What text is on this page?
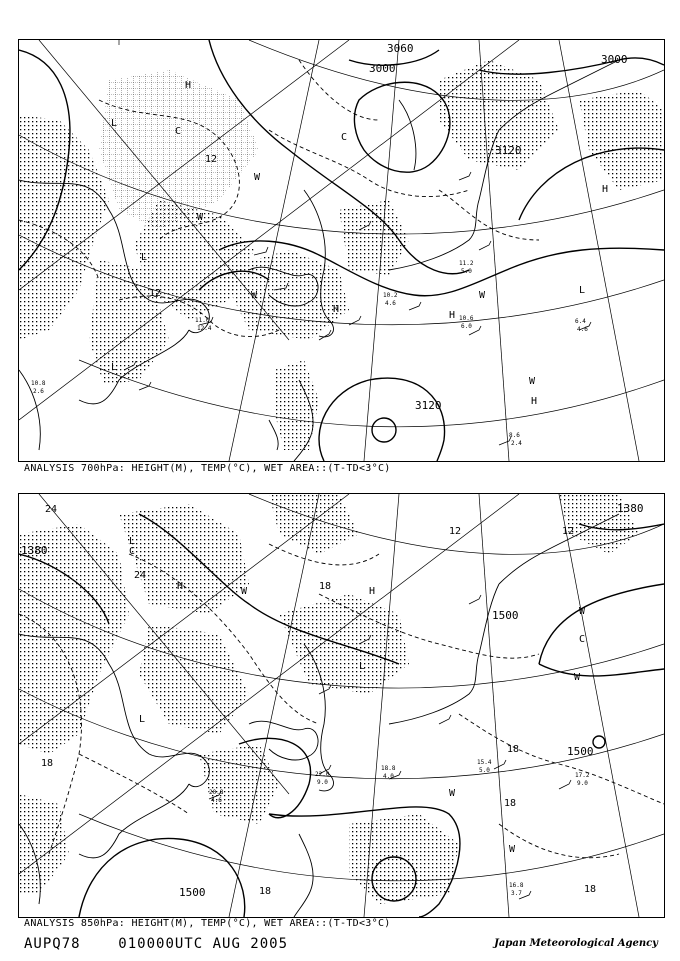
3000
3000
3060
3120
3120
H
H
H
H
H
L
L
L
L
W
W
W
W
W
C
C
12
12
10.8
2.6
11.0
12.4
6.4
4.6
8.6
2.4
10.2
4.6
11.2
5.0
10.6
6.0
ANALYSIS 700hPa: HEIGHT(M), TEMP(°C), WET AREA::(T-TD<3°C)
1500
1500
1500
1380
1380
H	H
L
L
L
W
W
W
W
W
C
C
24
24
18
18
18
18
18
18
12
12
22.0
9.0
16.8
3.7
17.2
9.0
15.4
5.0
20.8
4.6
18.8
4.0
ANALYSIS 850hPa: HEIGHT(M), TEMP(°C), WET AREA::(T-TD<3°C)
AUPQ78	010000UTC AUG 2005	Japan Meteorological Agency
